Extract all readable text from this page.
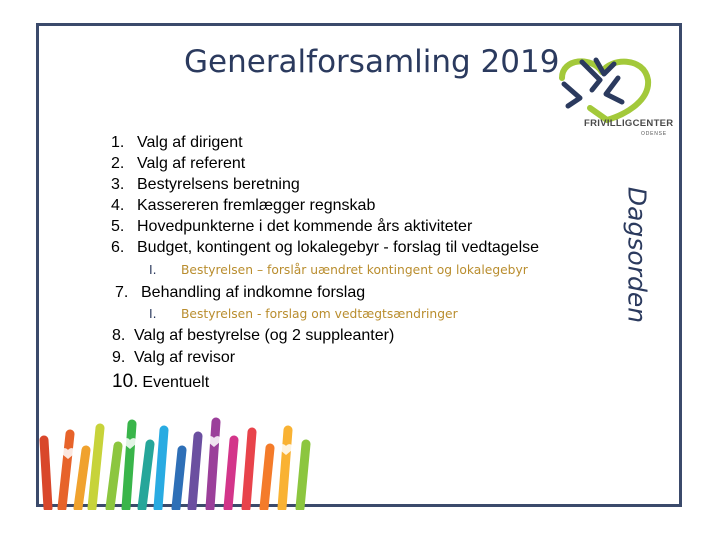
Generalforsamling 2019
FRIVILLIGCENTER
ODENSE
Dagsorden
1. Valg af dirigent
2. Valg af referent
3. Bestyrelsens beretning
4. Kassereren fremlægger regnskab
5. Hovedpunkterne i det kommende års aktiviteter
6. Budget, kontingent og lokalegebyr - forslag til vedtagelse
I. Bestyrelsen – forslår uændret kontingent og lokalegebyr
7. Behandling af indkomne forslag
I. Bestyrelsen - forslag om vedtægtsændringer
8. Valg af bestyrelse (og 2 suppleanter)
9. Valg af revisor
10. Eventuelt
